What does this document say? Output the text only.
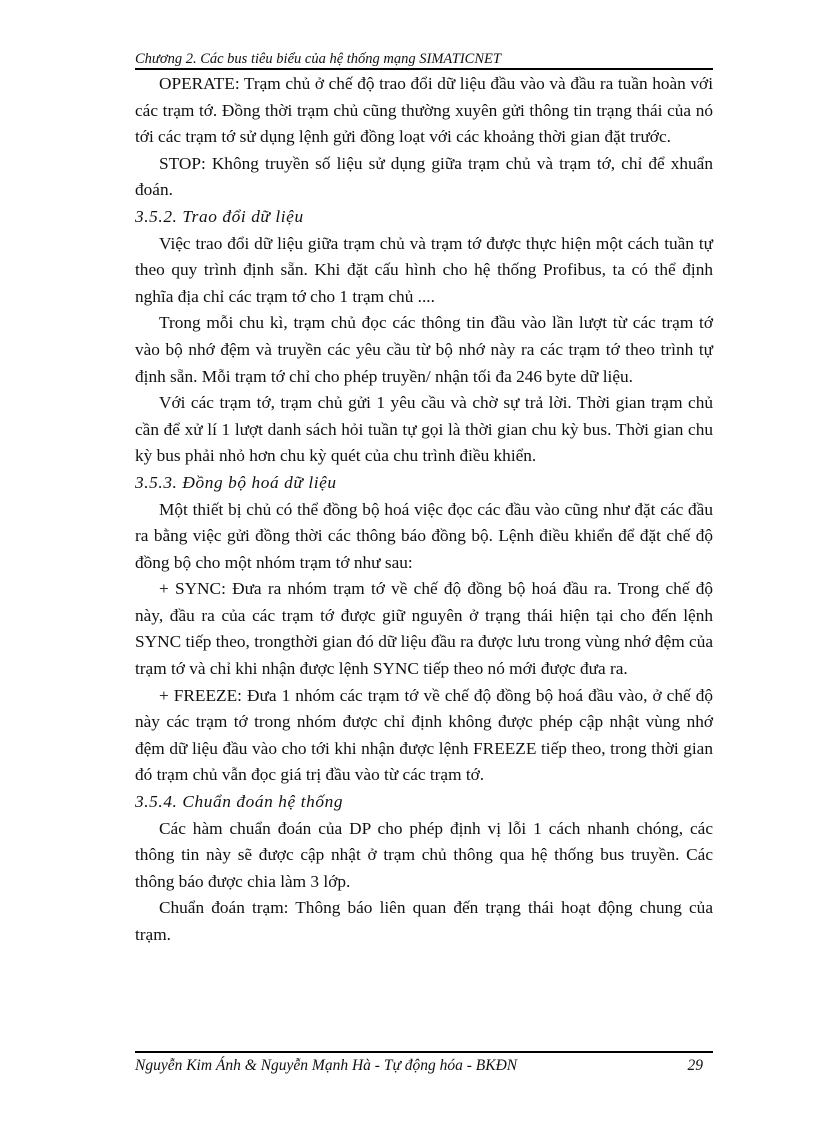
Chương 2. Các bus tiêu biểu của hệ thống mạng SIMATICNET

OPERATE: Trạm chủ ở chế độ trao đổi dữ liệu đầu vào và đầu ra tuần hoàn với các trạm tớ. Đồng thời trạm chủ cũng thường xuyên gửi thông tin trạng thái của nó tới các trạm tớ sử dụng lệnh gửi đồng loạt với các khoảng thời gian đặt trước.

STOP: Không truyền số liệu sử dụng giữa trạm chủ và trạm tớ, chỉ để xhuẩn đoán.

3.5.2. Trao đổi dữ liệu

Việc trao đổi dữ liệu giữa trạm chủ và trạm tớ được thực hiện một cách tuần tự theo quy trình định sẵn. Khi đặt cấu hình cho hệ thống Profibus, ta có thể định nghĩa địa chỉ các trạm tớ cho 1 trạm chủ ....

Trong mỗi chu kì, trạm chủ đọc các thông tin đầu vào lần lượt từ các trạm tớ vào bộ nhớ đệm và truyền các yêu cầu từ bộ nhớ này ra các trạm tớ theo trình tự định sẵn. Mỗi trạm tớ chỉ cho phép truyền/ nhận tối đa 246 byte dữ liệu.

Với các trạm tớ, trạm chủ gửi 1 yêu cầu và chờ sự trả lời. Thời gian trạm chủ cần để xử lí 1 lượt danh sách hỏi tuần tự gọi là thời gian chu kỳ bus. Thời gian chu kỳ bus phải nhỏ hơn chu kỳ quét của chu trình điều khiển.

3.5.3. Đồng bộ hoá dữ liệu

Một thiết bị chủ có thể đồng bộ hoá việc đọc các đầu vào cũng như đặt các đầu ra bằng việc gửi đồng thời các thông báo đồng bộ. Lệnh điều khiển để đặt chế độ đồng bộ cho một nhóm trạm tớ như sau:

+ SYNC: Đưa ra nhóm trạm tớ về chế độ đồng bộ hoá đầu ra. Trong chế độ này, đầu ra của các trạm tớ được giữ nguyên ở trạng thái hiện tại cho đến lệnh SYNC tiếp theo, trongthời gian đó dữ liệu đầu ra được lưu trong vùng nhớ đệm của trạm tớ và chỉ khi nhận được lệnh SYNC tiếp theo nó mới được đưa ra.

+ FREEZE: Đưa 1 nhóm các trạm tớ về chế độ đồng bộ hoá đầu vào, ở chế độ này các trạm tớ trong nhóm được chỉ định không được phép cập nhật vùng nhớ đệm dữ liệu đầu vào cho tới khi nhận được lệnh FREEZE tiếp theo, trong thời gian đó trạm chủ vẫn đọc giá trị đầu vào từ các trạm tớ.

3.5.4. Chuẩn đoán hệ thống

Các hàm chuẩn đoán của DP cho phép định vị lỗi 1 cách nhanh chóng, các thông tin này sẽ được cập nhật ở trạm chủ thông qua hệ thống bus truyền. Các thông báo được chia làm 3 lớp.

Chuẩn đoán trạm: Thông báo liên quan đến trạng thái hoạt động chung của trạm.

Nguyễn Kim Ánh & Nguyễn Mạnh Hà - Tự động hóa - BKĐN	29
